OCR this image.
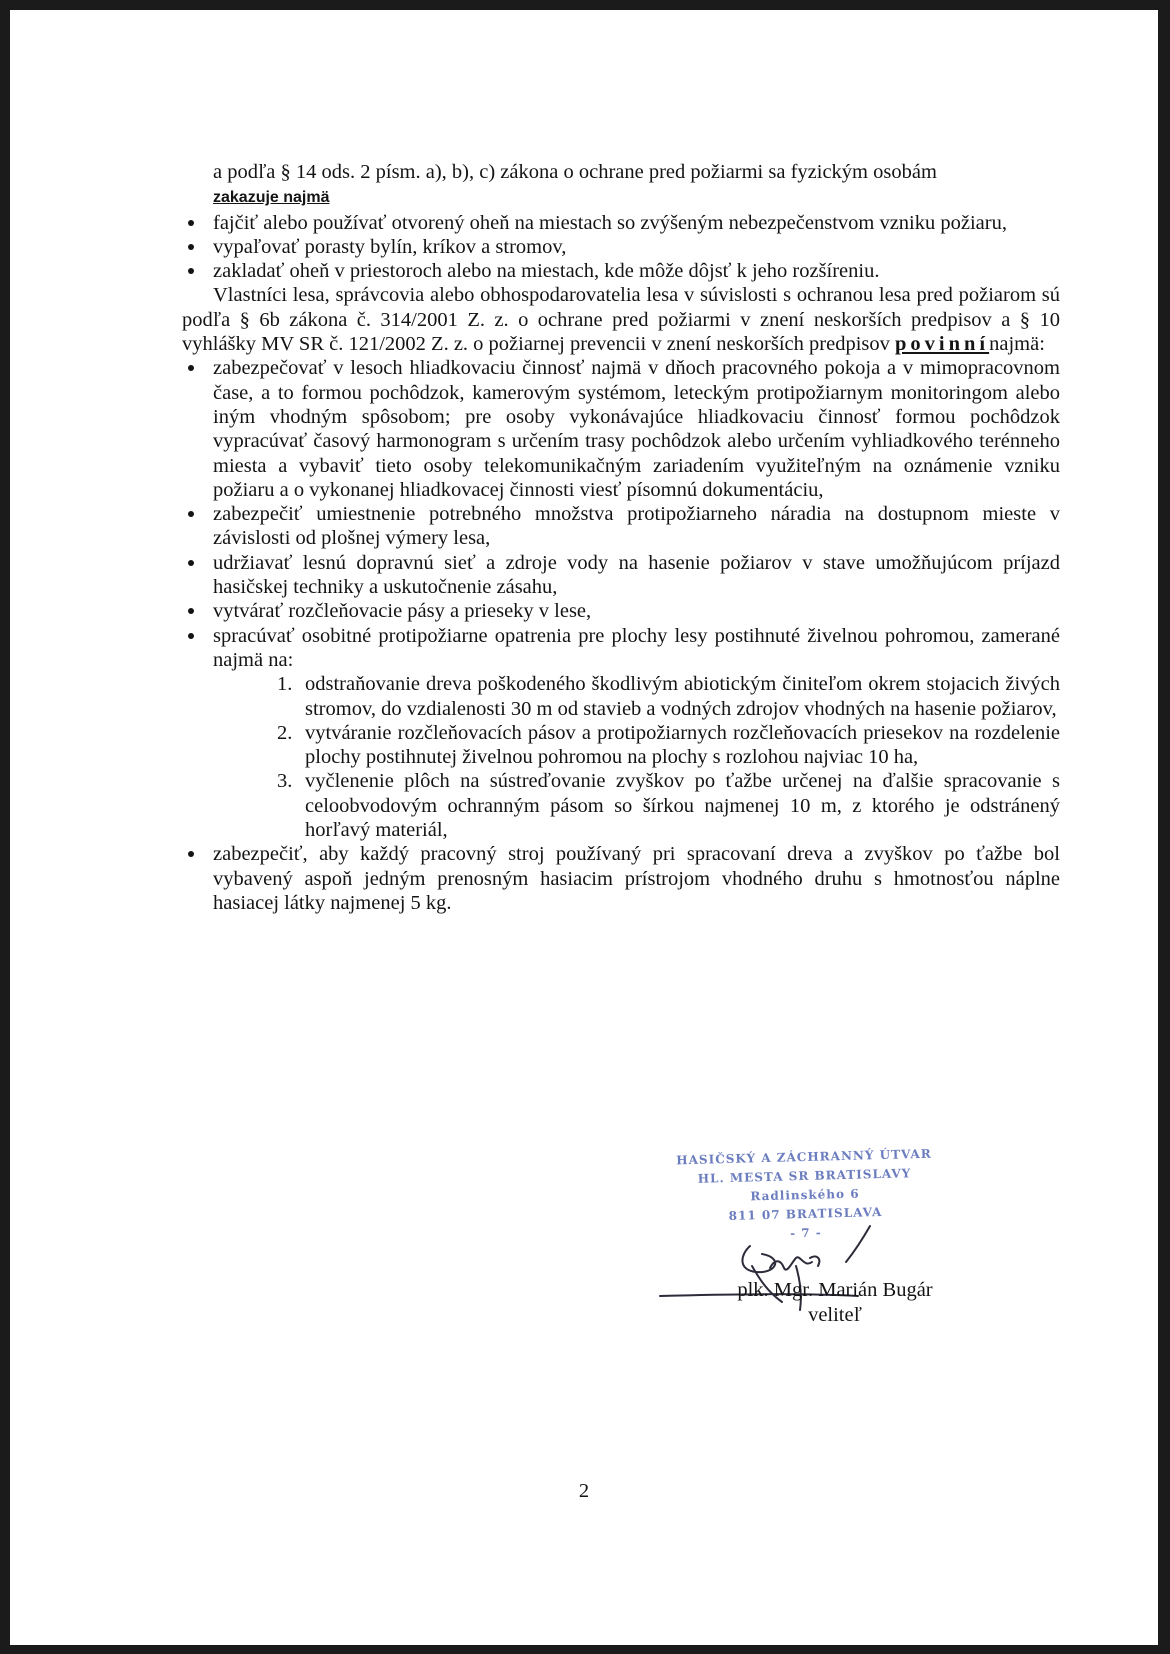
a podľa § 14 ods. 2 písm. a), b), c) zákona o ochrane pred požiarmi sa fyzickým osobám
zakazuje najmä

fajčiť alebo používať otvorený oheň na miestach so zvýšeným nebezpečenstvom vzniku požiaru,
vypaľovať porasty bylín, kríkov a stromov,
zakladať oheň v priestoroch alebo na miestach, kde môže dôjsť k jeho rozšíreniu.

Vlastníci lesa, správcovia alebo obhospodarovatelia lesa v súvislosti s ochranou lesa pred požiarom sú podľa § 6b zákona č. 314/2001 Z. z. o ochrane pred požiarmi v znení neskorších predpisov a § 10 vyhlášky MV SR č. 121/2002 Z. z. o požiarnej prevencii v znení neskorších predpisov povinnínajmä:

zabezpečovať v lesoch hliadkovaciu činnosť najmä v dňoch pracovného pokoja a v mimopracovnom čase, a to formou pochôdzok, kamerovým systémom, leteckým protipožiarnym monitoringom alebo iným vhodným spôsobom; pre osoby vykonávajúce hliadkovaciu činnosť formou pochôdzok vypracúvať časový harmonogram s určením trasy pochôdzok alebo určením vyhliadkového terénneho miesta a vybaviť tieto osoby telekomunikačným zariadením využiteľným na oznámenie vzniku požiaru a o vykonanej hliadkovacej činnosti viesť písomnú dokumentáciu,
zabezpečiť umiestnenie potrebného množstva protipožiarneho náradia na dostupnom mieste v závislosti od plošnej výmery lesa,
udržiavať lesnú dopravnú sieť a zdroje vody na hasenie požiarov v stave umožňujúcom príjazd hasičskej techniky a uskutočnenie zásahu,
vytvárať rozčleňovacie pásy a prieseky v lese,
spracúvať osobitné protipožiarne opatrenia pre plochy lesy postihnuté živelnou pohromou, zamerané najmä na:
1. odstraňovanie dreva poškodeného škodlivým abiotickým činiteľom okrem stojacich živých stromov, do vzdialenosti 30 m od stavieb a vodných zdrojov vhodných na hasenie požiarov,
2. vytváranie rozčleňovacích pásov a protipožiarnych rozčleňovacích priesekov na rozdelenie plochy postihnutej živelnou pohromou na plochy s rozlohou najviac 10 ha,
3. vyčlenenie plôch na sústreďovanie zvyškov po ťažbe určenej na ďalšie spracovanie s celoobvodovým ochranným pásom so šírkou najmenej 10 m, z ktorého je odstránený horľavý materiál,
zabezpečiť, aby každý pracovný stroj používaný pri spracovaní dreva a zvyškov po ťažbe bol vybavený aspoň jedným prenosným hasiacim prístrojom vhodného druhu s hmotnosťou náplne hasiacej látky najmenej 5 kg.
HASIČSKÝ A ZÁCHRANNÝ ÚTVAR
HL. MESTA SR BRATISLAVY
Radlinského 6
811 07 BRATISLAVA
- 7 -
plk. Mgr. Marián Bugár
veliteľ
2
